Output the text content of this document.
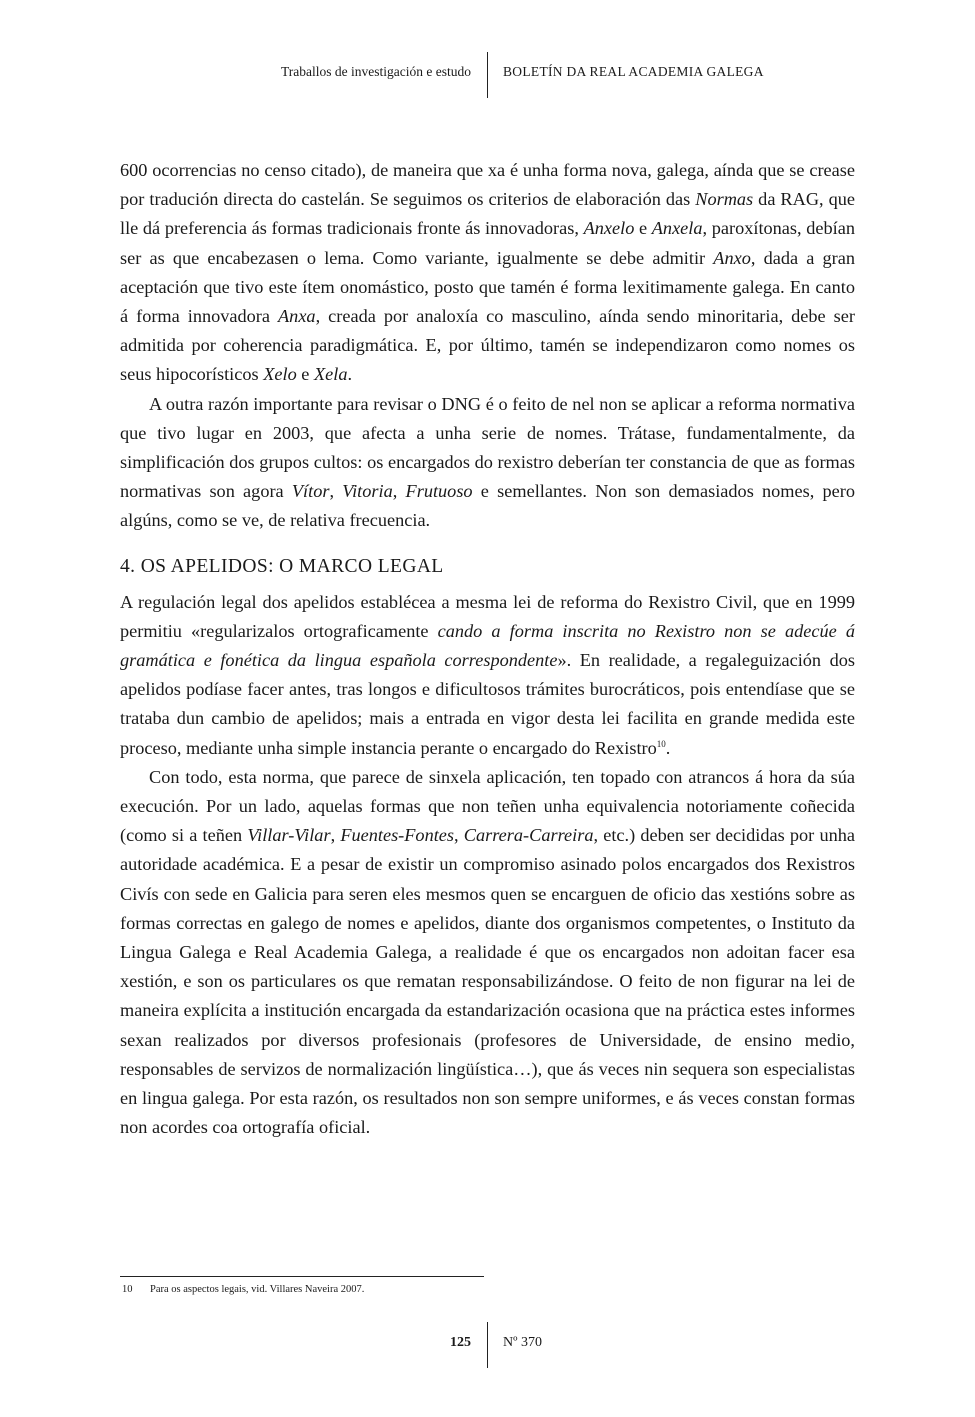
Traballos de investigación e estudo BOLETÍN DA REAL ACADEMIA GALEGA

600 ocorrencias no censo citado), de maneira que xa é unha forma nova, galega, aínda que se crease por tradución directa do castelán. Se seguimos os criterios de elaboración das Normas da RAG, que lle dá preferencia ás formas tradicionais fronte ás innovadoras, Anxelo e Anxela, paroxítonas, debían ser as que encabezasen o lema. Como variante, igualmente se debe admitir Anxo, dada a gran aceptación que tivo este ítem onomástico, posto que tamén é forma lexitimamente galega. En canto á forma innovadora Anxa, creada por analoxía co masculino, aínda sendo minoritaria, debe ser admitida por coherencia paradigmática. E, por último, tamén se independizaron como nomes os seus hipocorísticos Xelo e Xela.

A outra razón importante para revisar o DNG é o feito de nel non se aplicar a reforma normativa que tivo lugar en 2003, que afecta a unha serie de nomes. Trátase, fundamentalmente, da simplificación dos grupos cultos: os encargados do rexistro deberían ter constancia de que as formas normativas son agora Vítor, Vitoria, Frutuoso e semellantes. Non son demasiados nomes, pero algúns, como se ve, de relativa frecuencia.

4. OS APELIDOS: O MARCO LEGAL

A regulación legal dos apelidos establécea a mesma lei de reforma do Rexistro Civil, que en 1999 permitiu «regularizalos ortograficamente cando a forma inscrita no Rexistro non se adecúe á gramática e fonética da lingua española correspondente». En realidade, a regaleguización dos apelidos podíase facer antes, tras longos e dificultosos trámites burocráticos, pois entendíase que se trataba dun cambio de apelidos; mais a entrada en vigor desta lei facilita en grande medida este proceso, mediante unha simple instancia perante o encargado do Rexistro$^{10}$.

Con todo, esta norma, que parece de sinxela aplicación, ten topado con atrancos á hora da súa execución. Por un lado, aquelas formas que non teñen unha equivalencia notoriamente coñecida (como si a teñen Villar-Vilar, Fuentes-Fontes, Carrera-Carreira, etc.) deben ser decididas por unha autoridade académica. E a pesar de existir un compromiso asinado polos encargados dos Rexistros Civís con sede en Galicia para seren eles mesmos quen se encarguen de oficio das xestións sobre as formas correctas en galego de nomes e apelidos, diante dos organismos competentes, o Instituto da Lingua Galega e Real Academia Galega, a realidade é que os encargados non adoitan facer esa xestión, e son os particulares os que rematan responsabilizándose. O feito de non figurar na lei de maneira explícita a institución encargada da estandarización ocasiona que na práctica estes informes sexan realizados por diversos profesionais (profesores de Universidade, de ensino medio, responsables de servizos de normalización lingüística…), que ás veces nin sequera son especialistas en lingua galega. Por esta razón, os resultados non son sempre uniformes, e ás veces constan formas non acordes coa ortografía oficial.

10 Para os aspectos legais, vid. Villares Naveira 2007.
125 Nº 370
